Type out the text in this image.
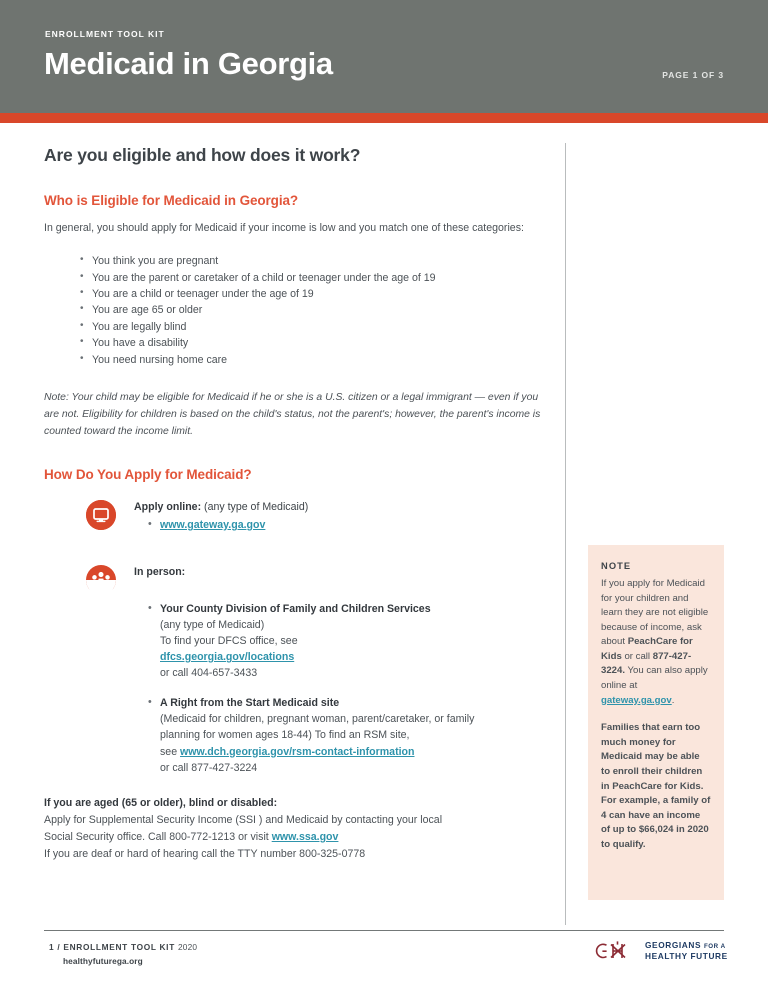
ENROLLMENT TOOL KIT
Medicaid in Georgia	PAGE 1 OF 3
Are you eligible and how does it work?
Who is Eligible for Medicaid in Georgia?

In general, you should apply for Medicaid if your income is low and you match one of these categories:

• You think you are pregnant
• You are the parent or caretaker of a child or teenager under the age of 19
• You are a child or teenager under the age of 19
• You are age 65 or older
• You are legally blind
• You have a disability
• You need nursing home care

Note: Your child may be eligible for Medicaid if he or she is a U.S. citizen or a legal immigrant — even if you are not. Eligibility for children is based on the child's status, not the parent's; however, the parent's income is counted toward the income limit.

How Do You Apply for Medicaid?
Apply online: (any type of Medicaid)
• www.gateway.ga.gov
In person:
• Your County Division of Family and Children Services
(any type of Medicaid)
To find your DFCS office, see
dfcs.georgia.gov/locations
or call 404-657-3433
• A Right from the Start Medicaid site
(Medicaid for children, pregnant woman, parent/caretaker, or family
planning for women ages 18-44) To find an RSM site,
see www.dch.georgia.gov/rsm-contact-information
or call 877-427-3224
If you are aged (65 or older), blind or disabled:
Apply for Supplemental Security Income (SSI ) and Medicaid by contacting your local
Social Security office. Call 800-772-1213 or visit www.ssa.gov
If you are deaf or hard of hearing call the TTY number 800-325-0778
NOTE
If you apply for Medicaid for your children and learn they are not eligible because of income, ask about PeachCare for Kids or call 877-427-3224. You can also apply online at gateway.ga.gov.
Families that earn too much money for Medicaid may be able to enroll their children in PeachCare for Kids. For example, a family of 4 can have an income of up to $66,024 in 2020 to qualify.
1 / ENROLLMENT TOOL KIT 2020
healthyfuturega.org
GEORGIANS FOR A
HEALTHY FUTURE
